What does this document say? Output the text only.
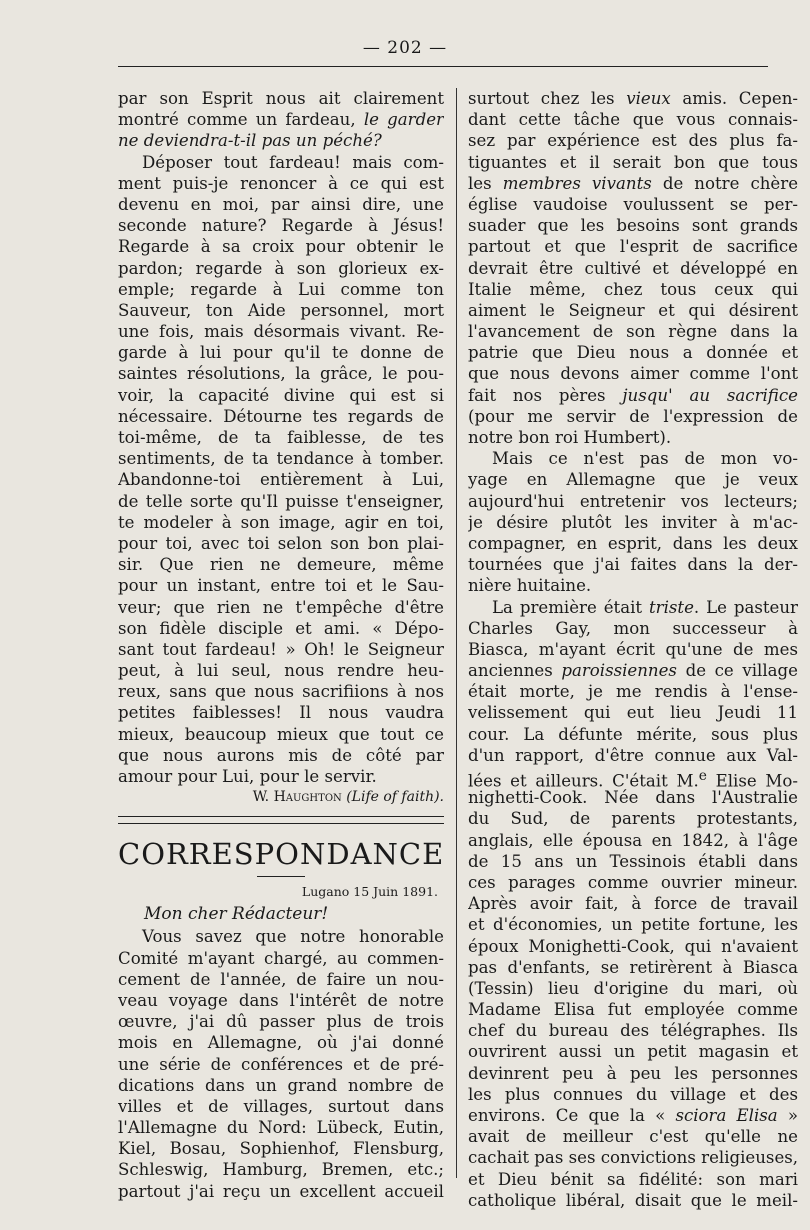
— 202 —
par son Esprit nous ait clairement
montré comme un fardeau, le garder
ne deviendra-t-il pas un péché?
Déposer tout fardeau! mais com-
ment puis-je renoncer à ce qui est
devenu en moi, par ainsi dire, une
seconde nature? Regarde à Jésus!
Regarde à sa croix pour obtenir le
pardon; regarde à son glorieux ex-
emple; regarde à Lui comme ton
Sauveur, ton Aide personnel, mort
une fois, mais désormais vivant. Re-
garde à lui pour qu'il te donne de
saintes résolutions, la grâce, le pou-
voir, la capacité divine qui est si
nécessaire. Détourne tes regards de
toi-même, de ta faiblesse, de tes
sentiments, de ta tendance à tomber.
Abandonne-toi entièrement à Lui,
de telle sorte qu'Il puisse t'enseigner,
te modeler à son image, agir en toi,
pour toi, avec toi selon son bon plai-
sir. Que rien ne demeure, même
pour un instant, entre toi et le Sau-
veur; que rien ne t'empêche d'être
son fidèle disciple et ami. « Dépo-
sant tout fardeau! » Oh! le Seigneur
peut, à lui seul, nous rendre heu-
reux, sans que nous sacrifiions à nos
petites faiblesses! Il nous vaudra
mieux, beaucoup mieux que tout ce
que nous aurons mis de côté par
amour pour Lui, pour le servir.
W. Haughton (Life of faith).
CORRESPONDANCE
Lugano 15 Juin 1891.
Mon cher Rédacteur!
Vous savez que notre honorable
Comité m'ayant chargé, au commen-
cement de l'année, de faire un nou-
veau voyage dans l'intérêt de notre
œuvre, j'ai dû passer plus de trois
mois en Allemagne, où j'ai donné
une série de conférences et de pré-
dications dans un grand nombre de
villes et de villages, surtout dans
l'Allemagne du Nord: Lübeck, Eutin,
Kiel, Bosau, Sophienhof, Flensburg,
Schleswig, Hamburg, Bremen, etc.;
partout j'ai reçu un excellent accueil
surtout chez les vieux amis. Cepen-
dant cette tâche que vous connais-
sez par expérience est des plus fa-
tiguantes et il serait bon que tous
les membres vivants de notre chère
église vaudoise voulussent se per-
suader que les besoins sont grands
partout et que l'esprit de sacrifice
devrait être cultivé et développé en
Italie même, chez tous ceux qui
aiment le Seigneur et qui désirent
l'avancement de son règne dans la
patrie que Dieu nous a donnée et
que nous devons aimer comme l'ont
fait nos pères jusqu' au sacrifice
(pour me servir de l'expression de
notre bon roi Humbert).
Mais ce n'est pas de mon vo-
yage en Allemagne que je veux
aujourd'hui entretenir vos lecteurs;
je désire plutôt les inviter à m'ac-
compagner, en esprit, dans les deux
tournées que j'ai faites dans la der-
nière huitaine.
La première était triste. Le pasteur
Charles Gay, mon successeur à
Biasca, m'ayant écrit qu'une de mes
anciennes paroissiennes de ce village
était morte, je me rendis à l'ense-
velissement qui eut lieu Jeudi 11
cour. La défunte mérite, sous plus
d'un rapport, d'être connue aux Val-
lées et ailleurs. C'était M.$^e$ Elise Mo-
nighetti-Cook. Née dans l'Australie
du Sud, de parents protestants,
anglais, elle épousa en 1842, à l'âge
de 15 ans un Tessinois établi dans
ces parages comme ouvrier mineur.
Après avoir fait, à force de travail
et d'économies, un petite fortune, les
époux Monighetti-Cook, qui n'avaient
pas d'enfants, se retirèrent à Biasca
(Tessin) lieu d'origine du mari, où
Madame Elisa fut employée comme
chef du bureau des télégraphes. Ils
ouvrirent aussi un petit magasin et
devinrent peu à peu les personnes
les plus connues du village et des
environs. Ce que la « sciora Elisa »
avait de meilleur c'est qu'elle ne
cachait pas ses convictions religieuses,
et Dieu bénit sa fidélité: son mari
catholique libéral, disait que le meil-
